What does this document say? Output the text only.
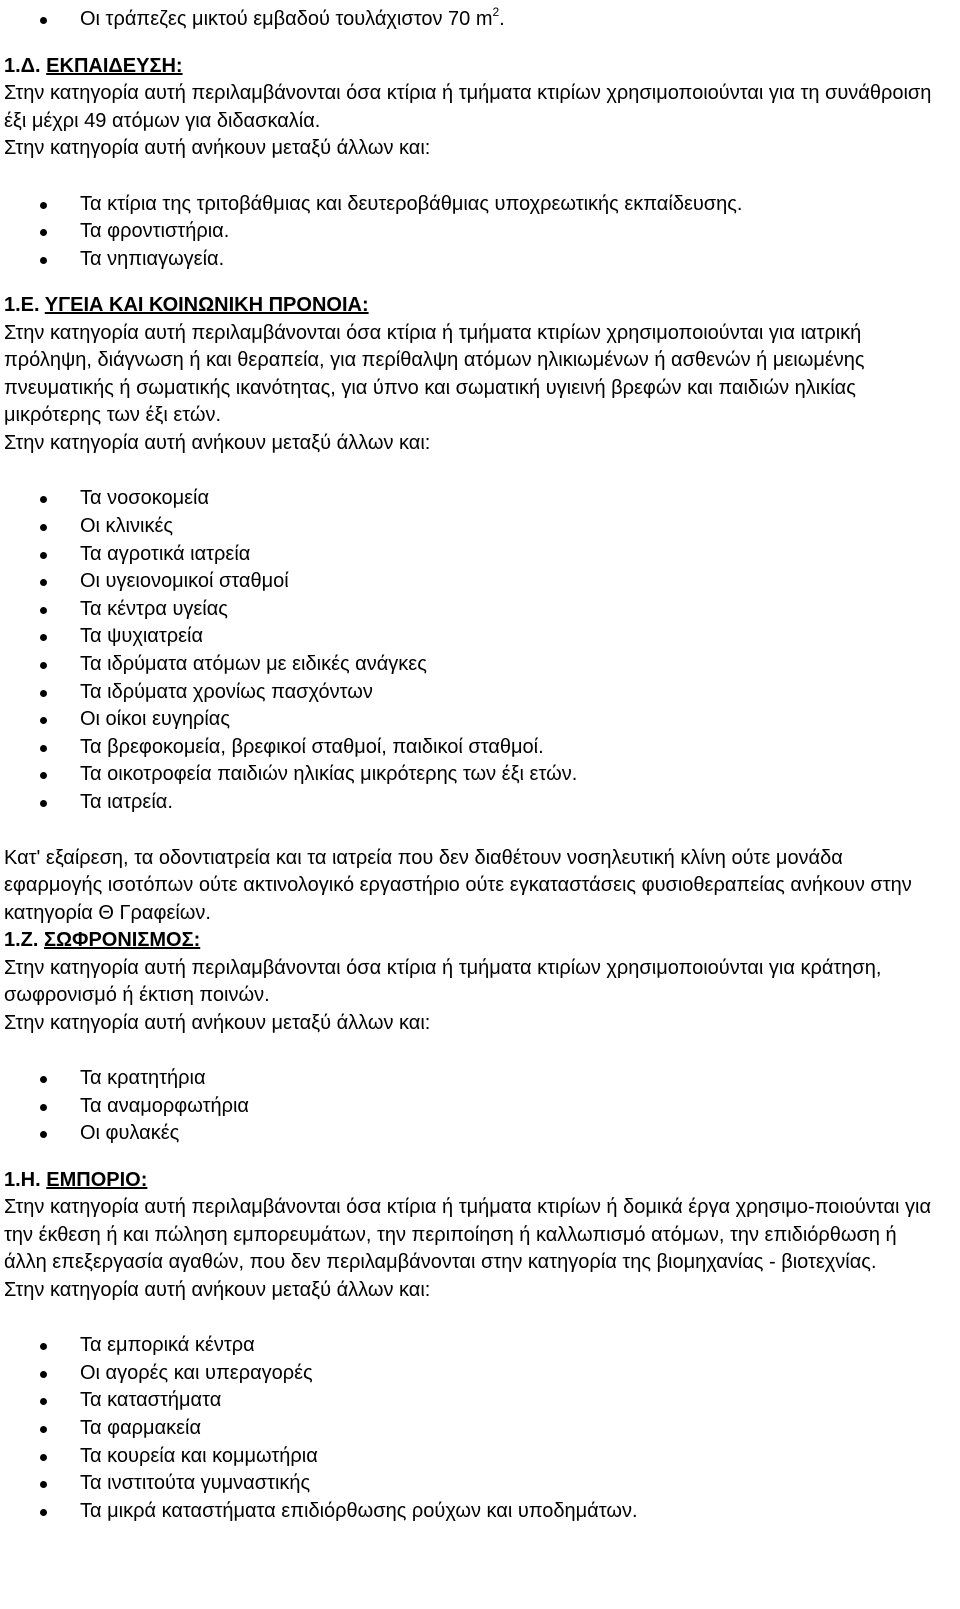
Οι τράπεζες μικτού εμβαδού τουλάχιστον 70 $m^2$.
1.Δ. ΕΚΠΑΙΔΕΥΣΗ:
Στην κατηγορία αυτή περιλαμβάνονται όσα κτίρια ή τμήματα κτιρίων χρησιμοποιούνται για τη συνάθροιση έξι μέχρι 49 ατόμων για διδασκαλία.
Στην κατηγορία αυτή ανήκουν μεταξύ άλλων και:
Τα κτίρια της τριτοβάθμιας και δευτεροβάθμιας υποχρεωτικής εκπαίδευσης.
Τα φροντιστήρια.
Τα νηπιαγωγεία.
1.Ε. ΥΓΕΙΑ ΚΑΙ ΚΟΙΝΩΝΙΚΗ ΠΡΟΝΟΙΑ:
Στην κατηγορία αυτή περιλαμβάνονται όσα κτίρια ή τμήματα κτιρίων χρησιμοποιούνται για ιατρική πρόληψη, διάγνωση ή και θεραπεία, για περίθαλψη ατόμων ηλικιωμένων ή ασθενών ή μειωμένης πνευματικής ή σωματικής ικανότητας, για ύπνο και σωματική υγιεινή βρεφών και παιδιών ηλικίας μικρότερης των έξι ετών.
Στην κατηγορία αυτή ανήκουν μεταξύ άλλων και:
Τα νοσοκομεία
Οι κλινικές
Τα αγροτικά ιατρεία
Οι υγειονομικοί σταθμοί
Τα κέντρα υγείας
Τα ψυχιατρεία
Τα ιδρύματα ατόμων με ειδικές ανάγκες
Τα ιδρύματα χρονίως πασχόντων
Οι οίκοι ευγηρίας
Τα βρεφοκομεία, βρεφικοί σταθμοί, παιδικοί σταθμοί.
Τα οικοτροφεία παιδιών ηλικίας μικρότερης των έξι ετών.
Τα ιατρεία.
Κατ' εξαίρεση, τα οδοντιατρεία και τα ιατρεία που δεν διαθέτουν νοσηλευτική κλίνη ούτε μονάδα εφαρμογής ισοτόπων ούτε ακτινολογικό εργαστήριο ούτε εγκαταστάσεις φυσιοθεραπείας ανήκουν στην κατηγορία Θ Γραφείων.
1.Ζ. ΣΩΦΡΟΝΙΣΜΟΣ:
Στην κατηγορία αυτή περιλαμβάνονται όσα κτίρια ή τμήματα κτιρίων χρησιμοποιούνται για κράτηση, σωφρονισμό ή έκτιση ποινών.
Στην κατηγορία αυτή ανήκουν μεταξύ άλλων και:
Τα κρατητήρια
Τα αναμορφωτήρια
Οι φυλακές
1.Η. ΕΜΠΟΡΙΟ:
Στην κατηγορία αυτή περιλαμβάνονται όσα κτίρια ή τμήματα κτιρίων ή δομικά έργα χρησιμο-ποιούνται για την έκθεση ή και πώληση εμπορευμάτων, την περιποίηση ή καλλωπισμό ατόμων, την επιδιόρθωση ή άλλη επεξεργασία αγαθών, που δεν περιλαμβάνονται στην κατηγορία της βιομηχανίας - βιοτεχνίας.
Στην κατηγορία αυτή ανήκουν μεταξύ άλλων και:
Τα εμπορικά κέντρα
Οι αγορές και υπεραγορές
Τα καταστήματα
Τα φαρμακεία
Τα κουρεία και κομμωτήρια
Τα ινστιτούτα γυμναστικής
Τα μικρά καταστήματα επιδιόρθωσης ρούχων και υποδημάτων.
